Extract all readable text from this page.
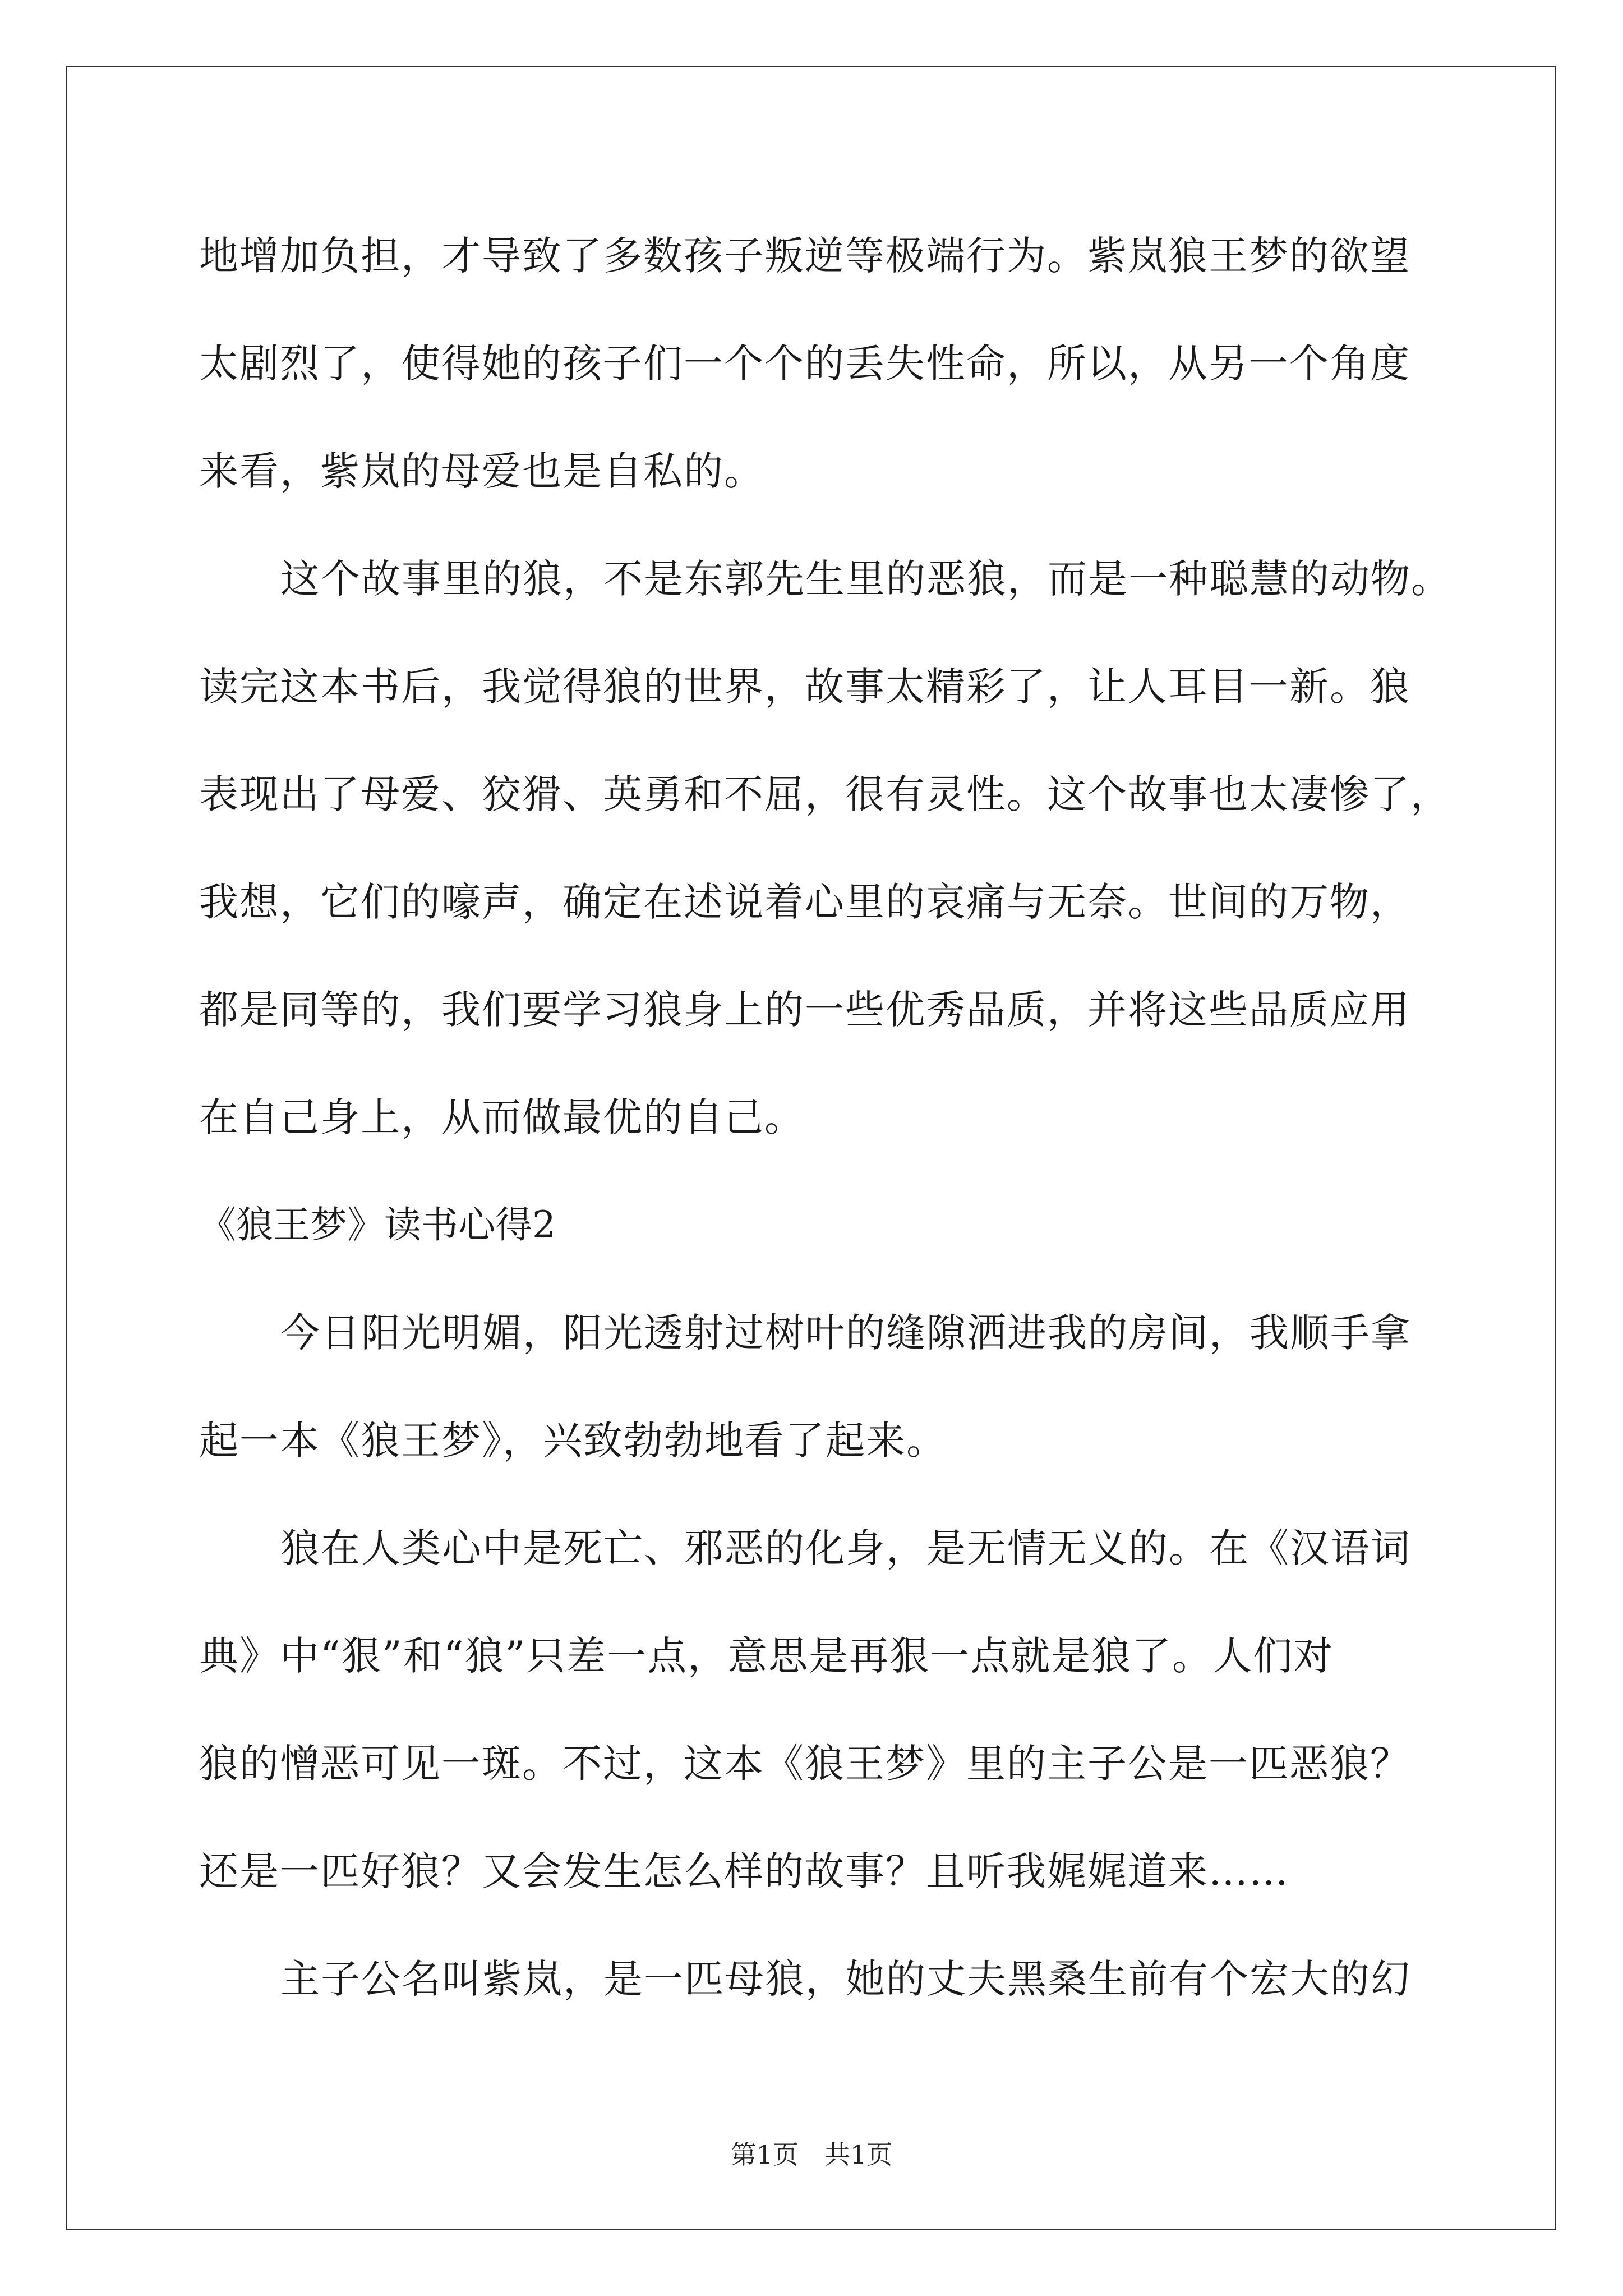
地增加负担，才导致了多数孩子叛逆等极端行为。紫岚狼王梦的欲望
太剧烈了，使得她的孩子们一个个的丢失性命，所以，从另一个角度
来看，紫岚的母爱也是自私的。
这个故事里的狼，不是东郭先生里的恶狼，而是一种聪慧的动物。
读完这本书后，我觉得狼的世界，故事太精彩了，让人耳目一新。狼
表现出了母爱、狡猾、英勇和不屈，很有灵性。这个故事也太凄惨了，
我想，它们的嚎声，确定在述说着心里的哀痛与无奈。世间的万物，
都是同等的，我们要学习狼身上的一些优秀品质，并将这些品质应用
在自己身上，从而做最优的自己。
《狼王梦》读书心得2
今日阳光明媚，阳光透射过树叶的缝隙洒进我的房间，我顺手拿
起一本《狼王梦》，兴致勃勃地看了起来。
狼在人类心中是死亡、邪恶的化身，是无情无义的。在《汉语词
典》中“狠”和“狼”只差一点，意思是再狠一点就是狼了。人们对
狼的憎恶可见一斑。不过，这本《狼王梦》里的主子公是一匹恶狼？
还是一匹好狼？又会发生怎么样的故事？且听我娓娓道来……
主子公名叫紫岚，是一匹母狼，她的丈夫黑桑生前有个宏大的幻
第1页　共1页
